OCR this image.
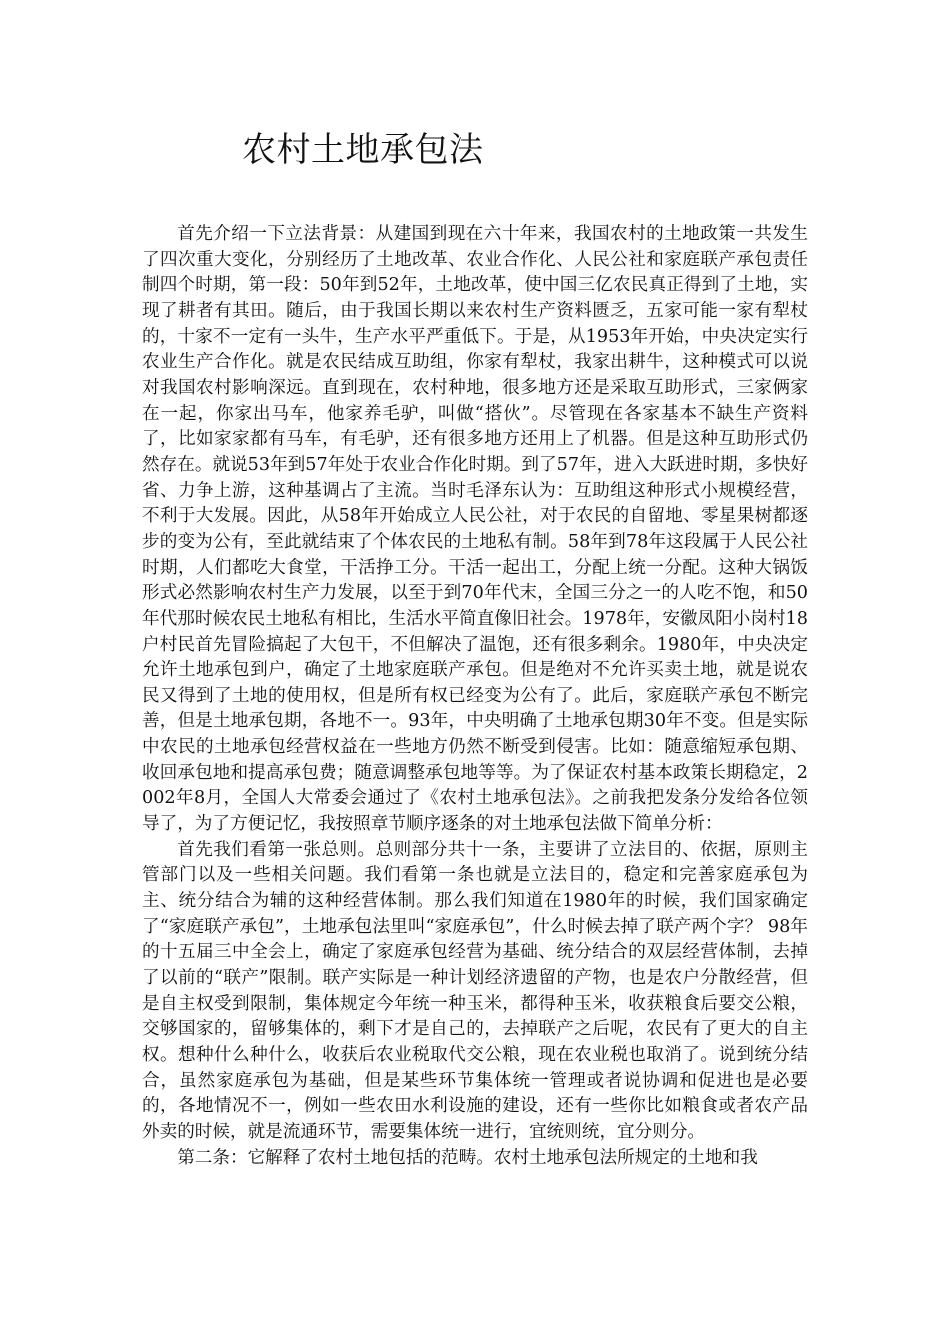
农村土地承包法

首先介绍一下立法背景：从建国到现在六十年来，我国农村的土地政策一共发生了四次重大变化，分别经历了土地改革、农业合作化、人民公社和家庭联产承包责任制四个时期，第一段：50年到52年，土地改革，使中国三亿农民真正得到了土地，实现了耕者有其田。随后，由于我国长期以来农村生产资料匮乏，五家可能一家有犁杖的，十家不一定有一头牛，生产水平严重低下。于是，从1953年开始，中央决定实行农业生产合作化。就是农民结成互助组，你家有犁杖，我家出耕牛，这种模式可以说对我国农村影响深远。直到现在，农村种地，很多地方还是采取互助形式，三家俩家在一起，你家出马车，他家养毛驴，叫做“搭伙”。尽管现在各家基本不缺生产资料了，比如家家都有马车，有毛驴，还有很多地方还用上了机器。但是这种互助形式仍然存在。就说53年到57年处于农业合作化时期。到了57年，进入大跃进时期，多快好省、力争上游，这种基调占了主流。当时毛泽东认为：互助组这种形式小规模经营，不利于大发展。因此，从58年开始成立人民公社，对于农民的自留地、零星果树都逐步的变为公有，至此就结束了个体农民的土地私有制。58年到78年这段属于人民公社时期，人们都吃大食堂，干活挣工分。干活一起出工，分配上统一分配。这种大锅饭形式必然影响农村生产力发展，以至于到70年代末，全国三分之一的人吃不饱，和50年代那时候农民土地私有相比，生活水平简直像旧社会。1978年，安徽凤阳小岗村18户村民首先冒险搞起了大包干，不但解决了温饱，还有很多剩余。1980年，中央决定允许土地承包到户，确定了土地家庭联产承包。但是绝对不允许买卖土地，就是说农民又得到了土地的使用权，但是所有权已经变为公有了。此后，家庭联产承包不断完善，但是土地承包期，各地不一。93年，中央明确了土地承包期30年不变。但是实际中农民的土地承包经营权益在一些地方仍然不断受到侵害。比如：随意缩短承包期、收回承包地和提高承包费；随意调整承包地等等。为了保证农村基本政策长期稳定，2002年8月，全国人大常委会通过了《农村土地承包法》。之前我把发条分发给各位领导了，为了方便记忆，我按照章节顺序逐条的对土地承包法做下简单分析：

首先我们看第一张总则。总则部分共十一条，主要讲了立法目的、依据，原则主管部门以及一些相关问题。我们看第一条也就是立法目的，稳定和完善家庭承包为主、统分结合为辅的这种经营体制。那么我们知道在1980年的时候，我们国家确定了“家庭联产承包”，土地承包法里叫“家庭承包”，什么时候去掉了联产两个字？ 98年的十五届三中全会上，确定了家庭承包经营为基础、统分结合的双层经营体制，去掉了以前的“联产”限制。联产实际是一种计划经济遗留的产物，也是农户分散经营，但是自主权受到限制，集体规定今年统一种玉米，都得种玉米，收获粮食后要交公粮，交够国家的，留够集体的，剩下才是自己的，去掉联产之后呢，农民有了更大的自主权。想种什么种什么，收获后农业税取代交公粮，现在农业税也取消了。说到统分结合，虽然家庭承包为基础，但是某些环节集体统一管理或者说协调和促进也是必要的，各地情况不一，例如一些农田水利设施的建设，还有一些你比如粮食或者农产品外卖的时候，就是流通环节，需要集体统一进行，宜统则统，宜分则分。

第二条：它解释了农村土地包括的范畴。农村土地承包法所规定的土地和我
